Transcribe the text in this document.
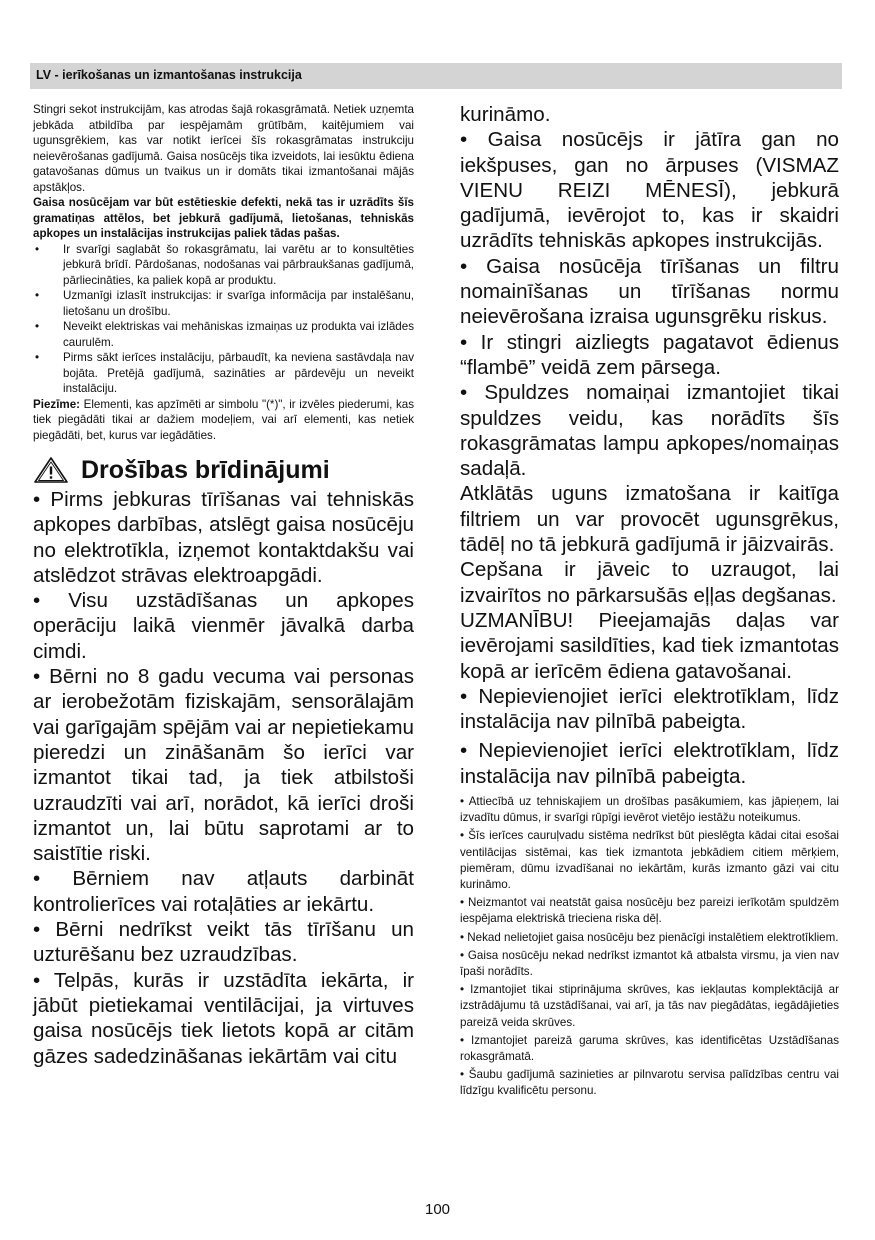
LV - ierīkošanas un izmantošanas instrukcija

Stingri sekot instrukcijām, kas atrodas šajā rokasgrāmatā. Netiek uzņemta jebkāda atbildība par iespējamām grūtībām, kaitējumiem vai ugunsgrēkiem, kas var notikt ierīcei šīs rokasgrāmatas instrukciju neievērošanas gadījumā. Gaisa nosūcējs tika izveidots, lai iesūktu ēdiena gatavošanas dūmus un tvaikus un ir domāts tikai izmantošanai mājās apstākļos.

Gaisa nosūcējam var būt estētieskie defekti, nekā tas ir uzrādīts šīs gramatiņas attēlos, bet jebkurā gadījumā, lietošanas, tehniskās apkopes un instalācijas instrukcijas paliek tādas pašas.

• Ir svarīgi saglabāt šo rokasgrāmatu, lai varētu ar to konsultēties jebkurā brīdī. Pārdošanas, nodošanas vai pārbraukšanas gadījumā, pārliecināties, ka paliek kopā ar produktu.
• Uzmanīgi izlasīt instrukcijas: ir svarīga informācija par instalēšanu, lietošanu un drošību.
• Neveikt elektriskas vai mehāniskas izmaiņas uz produkta vai izlādes caurulēm.
• Pirms sākt ierīces instalāciju, pārbaudīt, ka neviena sastāvdaļa nav bojāta. Pretējā gadījumā, sazināties ar pārdevēju un neveikt instalāciju.

Piezīme: Elementi, kas apzīmēti ar simbolu "(*)", ir izvēles piederumi, kas tiek piegādāti tikai ar dažiem modeļiem, vai arī elementi, kas netiek piegādāti, bet, kurus var iegādāties.

Drošības brīdinājumi

• Pirms jebkuras tīrīšanas vai tehniskās apkopes darbības, atslēgt gaisa nosūcēju no elektrotīkla, izņemot kontaktdakšu vai atslēdzot strāvas elektroapgādi.

• Visu uzstādīšanas un apkopes operāciju laikā vienmēr jāvalkā darba cimdi.

• Bērni no 8 gadu vecuma vai personas ar ierobežotām fiziskajām, sensorālajām vai garīgajām spējām vai ar nepietiekamu pieredzi un zināšanām šo ierīci var izmantot tikai tad, ja tiek atbilstoši uzraudzīti vai arī, norādot, kā ierīci droši izmantot un, lai būtu saprotami ar to saistītie riski.

• Bērniem nav atļauts darbināt kontrolierīces vai rotaļāties ar iekārtu.

• Bērni nedrīkst veikt tās tīrīšanu un uzturēšanu bez uzraudzības.

• Telpās, kurās ir uzstādīta iekārta, ir jābūt pietiekamai ventilācijai, ja virtuves gaisa nosūcējs tiek lietots kopā ar citām gāzes sadedzināšanas iekārtām vai citu

kurināmo.

• Gaisa nosūcējs ir jātīra gan no iekšpuses, gan no ārpuses (VISMAZ VIENU REIZI MĒNESĪ), jebkurā gadījumā, ievērojot to, kas ir skaidri uzrādīts tehniskās apkopes instrukcijās.

• Gaisa nosūcēja tīrīšanas un filtru nomainīšanas un tīrīšanas normu neievērošana izraisa ugunsgrēku riskus.

• Ir stingri aizliegts pagatavot ēdienus “flambē” veidā zem pārsega.

• Spuldzes nomaiņai izmantojiet tikai spuldzes veidu, kas norādīts šīs rokasgrāmatas lampu apkopes/nomaiņas sadaļā.

Atklātās uguns izmatošana ir kaitīga filtriem un var provocēt ugunsgrēkus, tādēļ no tā jebkurā gadījumā ir jāizvairās.

Cepšana ir jāveic to uzraugot, lai izvairītos no pārkarsušās eļļas degšanas.

UZMANĪBU! Pieejamajās daļas var ievērojami sasildīties, kad tiek izmantotas kopā ar ierīcēm ēdiena gatavošanai.

• Nepievienojiet ierīci elektrotīklam, līdz instalācija nav pilnībā pabeigta.

• Nepievienojiet ierīci elektrotīklam, līdz instalācija nav pilnībā pabeigta.

• Attiecībā uz tehniskajiem un drošības pasākumiem, kas jāpieņem, lai izvadītu dūmus, ir svarīgi rūpīgi ievērot vietējo iestāžu noteikumus.

• Šīs ierīces cauruļvadu sistēma nedrīkst būt pieslēgta kādai citai esošai ventilācijas sistēmai, kas tiek izmantota jebkādiem citiem mērķiem, piemēram, dūmu izvadīšanai no iekārtām, kurās izmanto gāzi vai citu kurināmo.

• Neizmantot vai neatstāt gaisa nosūcēju bez pareizi ierīkotām spuldzēm iespējama elektriskā trieciena riska dēļ.

• Nekad nelietojiet gaisa nosūcēju bez pienācīgi instalētiem elektrotīkliem.

• Gaisa nosūcēju nekad nedrīkst izmantot kā atbalsta virsmu, ja vien nav īpaši norādīts.

• Izmantojiet tikai stiprinājuma skrūves, kas iekļautas komplektācijā ar izstrādājumu tā uzstādīšanai, vai arī, ja tās nav piegādātas, iegādājieties pareizā veida skrūves.

• Izmantojiet pareizā garuma skrūves, kas identificētas Uzstādīšanas rokasgrāmatā.

• Šaubu gadījumā sazinieties ar pilnvarotu servisa palīdzības centru vai līdzīgu kvalificētu personu.

100
